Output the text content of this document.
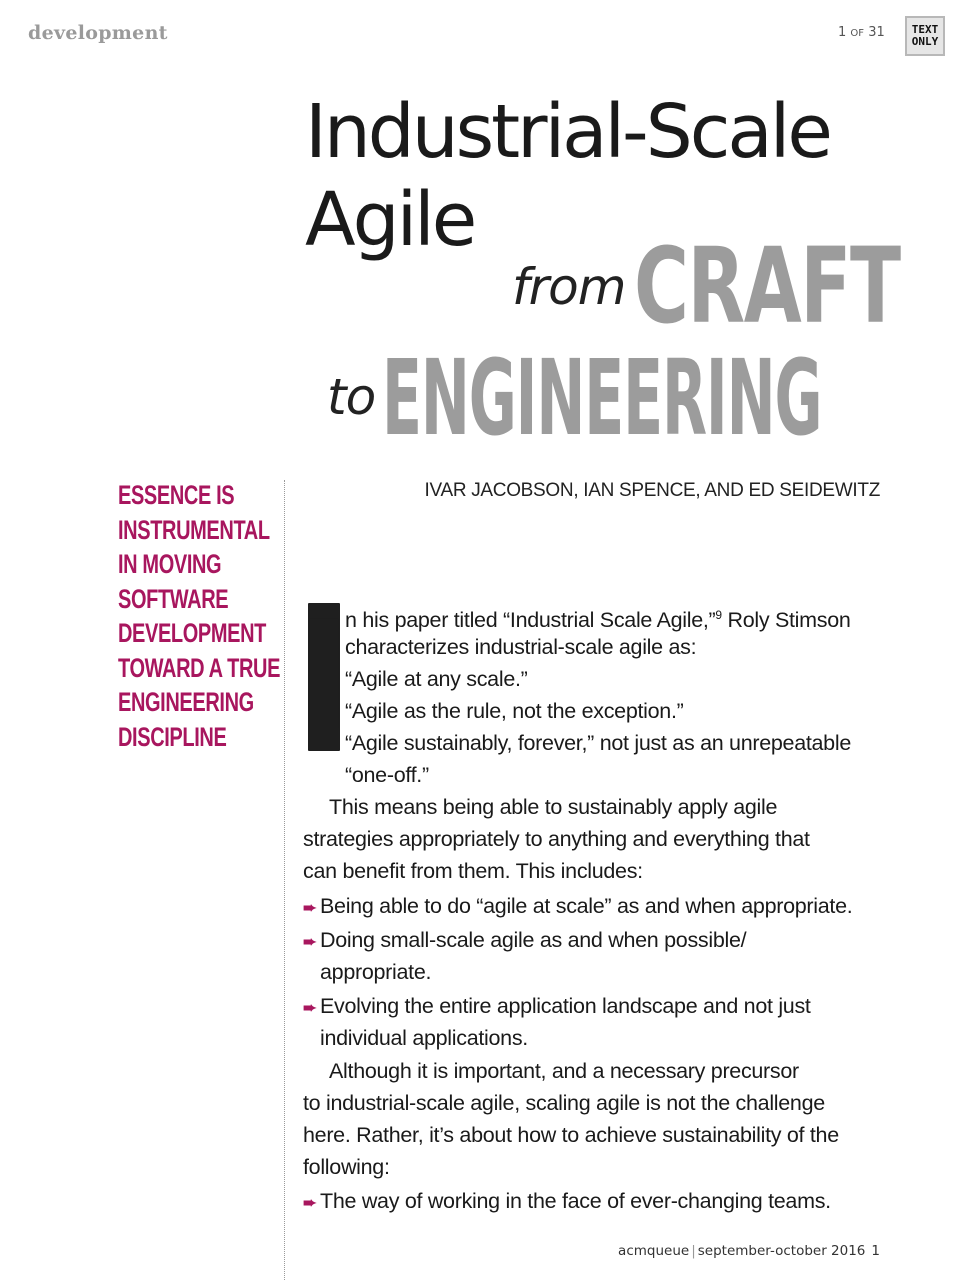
development	1 OF 31 TEXT
ONLY
Industrial-Scale
Agile
from CRAFT
to ENGINEERING

ESSENCE IS
INSTRUMENTAL
IN MOVING
SOFTWARE
DEVELOPMENT
TOWARD A TRUE
ENGINEERING
DISCIPLINE

IVAR JACOBSON, IAN SPENCE, AND ED SEIDEWITZ
I
n his paper titled “Industrial Scale Agile,”$^9$ Roly Stimson
characterizes industrial-scale agile as:
“Agile at any scale.”
“Agile as the rule, not the exception.”
“Agile sustainably, forever,” not just as an unrepeatable
“one-off.”
This means being able to sustainably apply agile
strategies appropriately to anything and everything that
can benefit from them. This includes:
➨ Being able to do “agile at scale” as and when appropriate.
➨ Doing small-scale agile as and when possible/
appropriate.
➨ Evolving the entire application landscape and not just
individual applications.
Although it is important, and a necessary precursor
to industrial-scale agile, scaling agile is not the challenge
here. Rather, it’s about how to achieve sustainability of the
following:
➨ The way of working in the face of ever-changing teams.
acmqueue | september-october 2016 1
